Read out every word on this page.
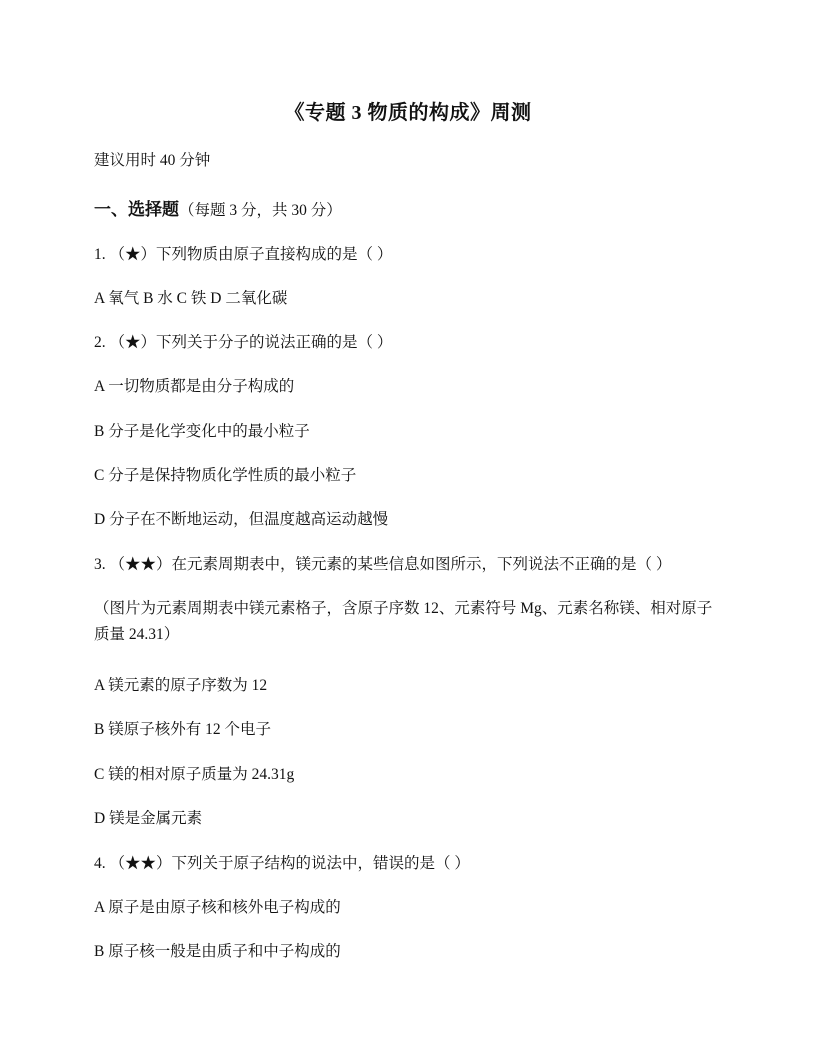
《专题 3 物质的构成》周测
建议用时 40 分钟
一、选择题（每题 3 分，共 30 分）
1. （★）下列物质由原子直接构成的是（ ）
A 氧气 B 水 C 铁 D 二氧化碳
2. （★）下列关于分子的说法正确的是（ ）
A 一切物质都是由分子构成的
B 分子是化学变化中的最小粒子
C 分子是保持物质化学性质的最小粒子
D 分子在不断地运动，但温度越高运动越慢
3. （★★）在元素周期表中，镁元素的某些信息如图所示，下列说法不正确的是（ ）
（图片为元素周期表中镁元素格子，含原子序数 12、元素符号 Mg、元素名称镁、相对原子质量 24.31）
A 镁元素的原子序数为 12
B 镁原子核外有 12 个电子
C 镁的相对原子质量为 24.31g
D 镁是金属元素
4. （★★）下列关于原子结构的说法中，错误的是（ ）
A 原子是由原子核和核外电子构成的
B 原子核一般是由质子和中子构成的
